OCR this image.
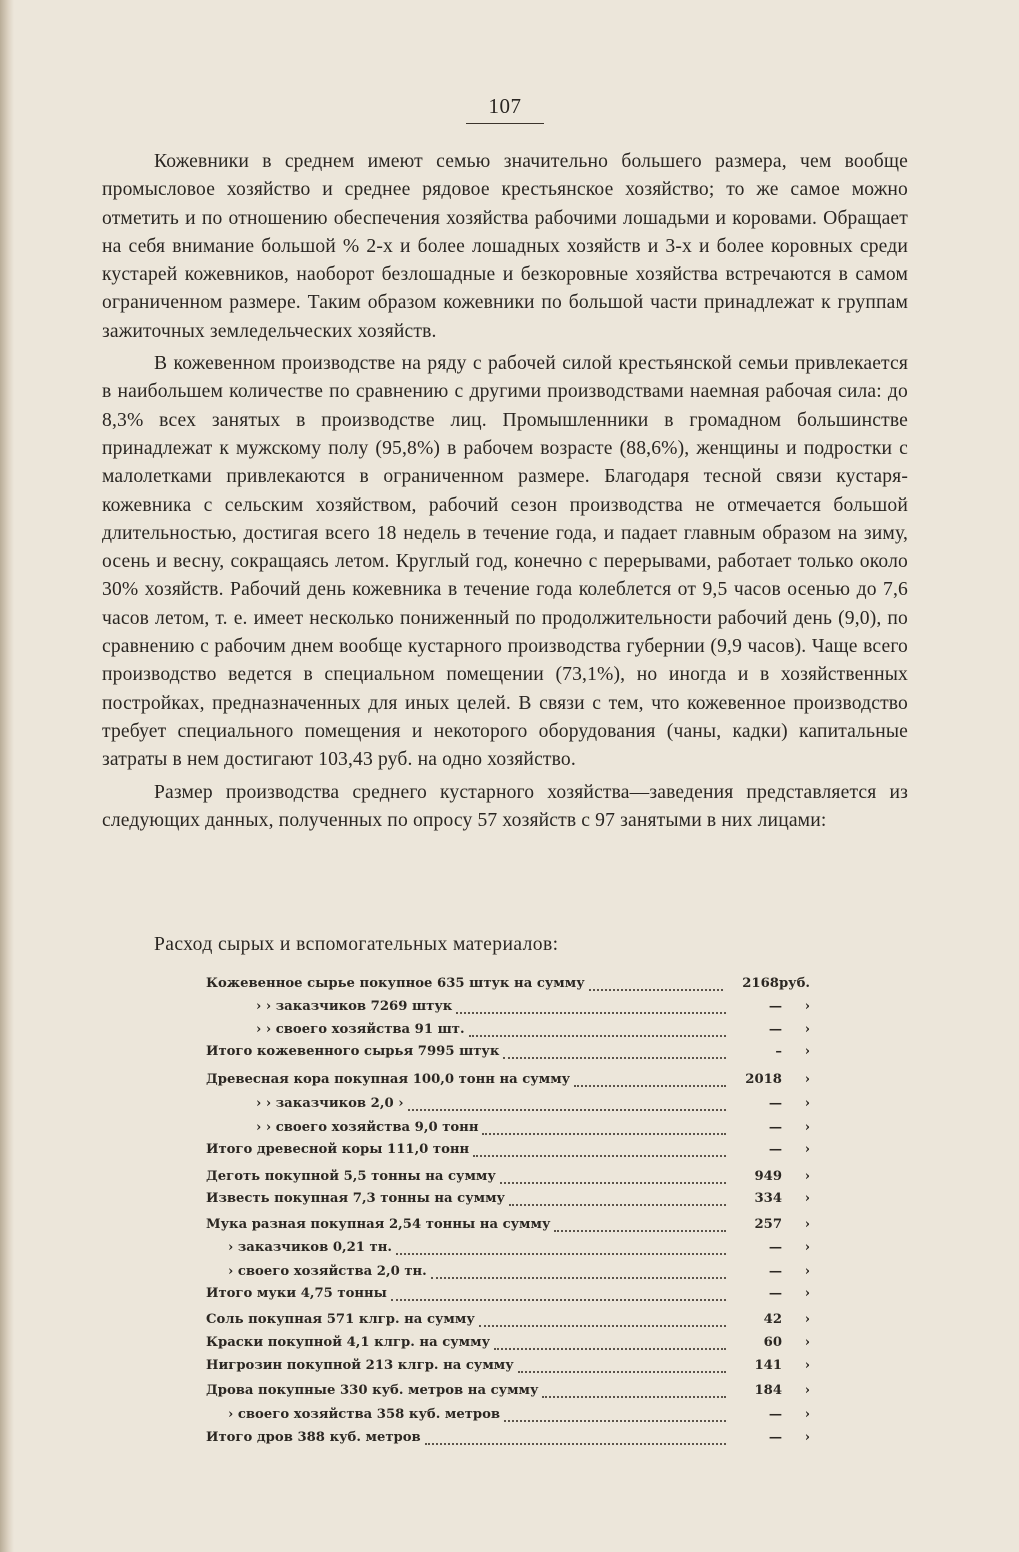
107

Кожевники в среднем имеют семью значительно большего размера, чем вообще промысловое хозяйство и среднее рядовое крестьянское хозяйство; то же самое можно отметить и по отношению обеспечения хозяйства рабочими лошадьми и коровами. Обращает на себя внимание большой % 2-х и более лошадных хозяйств и 3-х и более коровных среди кустарей кожевников, наоборот безлошадные и безкоровные хозяйства встречаются в самом ограниченном размере. Таким образом кожевники по большой части принадлежат к группам зажиточных земледельческих хозяйств.

В кожевенном производстве на ряду с рабочей силой крестьянской семьи привлекается в наибольшем количестве по сравнению с другими производствами наемная рабочая сила: до 8,3% всех занятых в производстве лиц. Промышленники в громадном большинстве принадлежат к мужскому полу (95,8%) в рабочем возрасте (88,6%), женщины и подростки с малолетками привлекаются в ограниченном размере. Благодаря тесной связи кустаря-кожевника с сельским хозяйством, рабочий сезон производства не отмечается большой длительностью, достигая всего 18 недель в течение года, и падает главным образом на зиму, осень и весну, сокращаясь летом. Круглый год, конечно с перерывами, работает только около 30% хозяйств. Рабочий день кожевника в течение года колеблется от 9,5 часов осенью до 7,6 часов летом, т. е. имеет несколько пониженный по продолжительности рабочий день (9,0), по сравнению с рабочим днем вообще кустарного производства губернии (9,9 часов). Чаще всего производство ведется в специальном помещении (73,1%), но иногда и в хозяйственных постройках, предназначенных для иных целей. В связи с тем, что кожевенное производство требует специального помещения и некоторого оборудования (чаны, кадки) капитальные затраты в нем достигают 103,43 руб. на одно хозяйство.

Размер производства среднего кустарного хозяйства—заведения представляется из следующих данных, полученных по опросу 57 хозяйств с 97 занятыми в них лицами:

Расход сырых и вспомогательных материалов:
Кожевенное сырье покупное 635 штук на сумму	2168 руб.
› › заказчиков 7269 штук	—	›
› › своего хозяйства 91 шт.	—	›
Итого кожевенного сырья 7995 штук	–	›
Древесная кора покупная 100,0 тонн на сумму	2018	›
› › заказчиков 2,0 ›	—	›
› › своего хозяйства 9,0 тонн	—	›
Итого древесной коры 111,0 тонн	—	›
Деготь покупной 5,5 тонны на сумму	949	›
Известь покупная 7,3 тонны на сумму	334	›
Мука разная покупная 2,54 тонны на сумму	257	›
› заказчиков 0,21 тн.	—	›
› своего хозяйства 2,0 тн.	—	›
Итого муки 4,75 тонны	—	›
Соль покупная 571 клгр. на сумму	42	›
Краски покупной 4,1 клгр. на сумму	60	›
Нигрозин покупной 213 клгр. на сумму	141	›
Дрова покупные 330 куб. метров на сумму	184	›
› своего хозяйства 358 куб. метров	—	›
Итого дров 388 куб. метров	—	›
